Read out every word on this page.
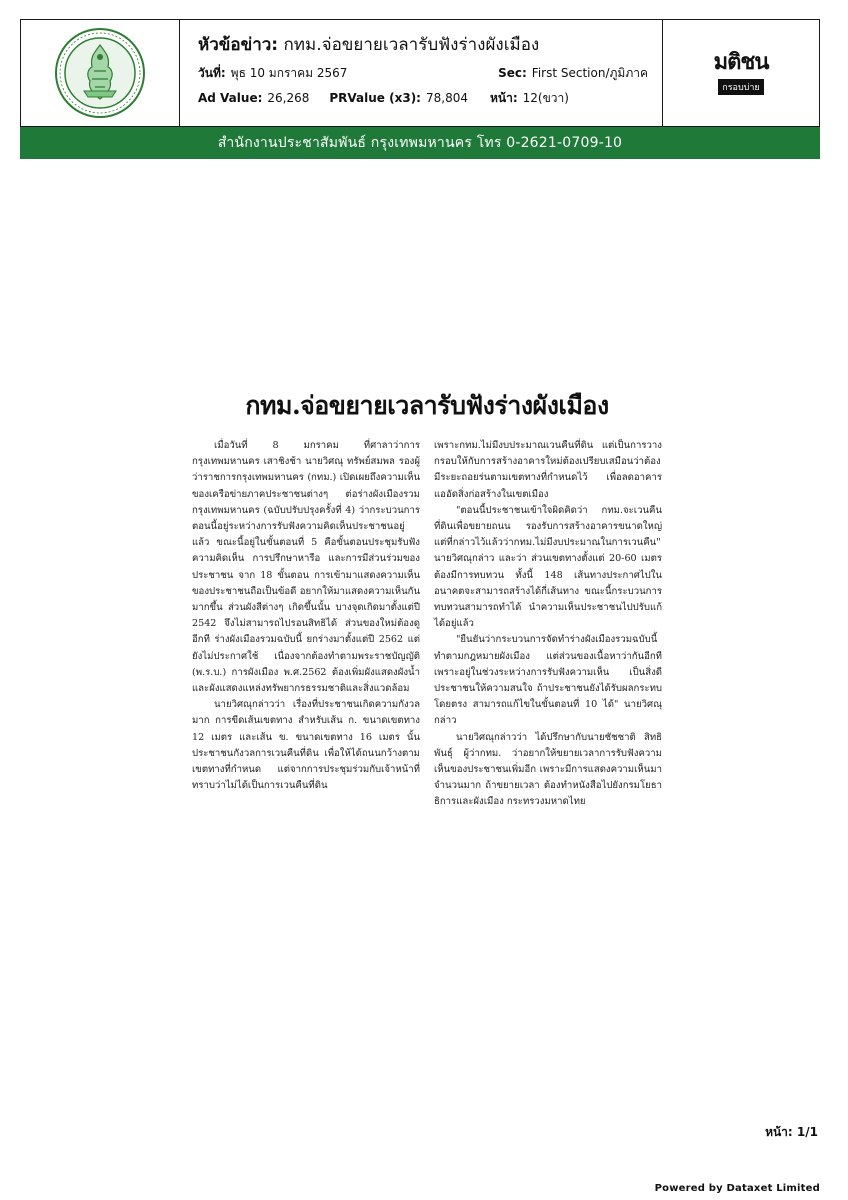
หัวข้อข่าว: กทม.จ่อขยายเวลารับฟังร่างผังเมือง
วันที่: พุธ 10 มกราคม 2567	Sec: First Section/ภูมิภาค
Ad Value: 26,268 PRValue (x3): 78,804 หน้า: 12(ขวา)
มติชน
กรอบบ่าย
สำนักงานประชาสัมพันธ์ กรุงเทพมหานคร โทร 0-2621-0709-10
กทม.จ่อขยายเวลารับฟังร่างผังเมือง

เมื่อวันที่ 8 มกราคม ที่ศาลาว่าการกรุงเทพมหานคร เสาชิงช้า นายวิศณุ ทรัพย์สมพล รองผู้ว่าราชการกรุงเทพมหานคร (กทม.) เปิดเผยถึงความเห็นของเครือข่ายภาคประชาชนต่างๆ ต่อร่างผังเมืองรวมกรุงเทพมหานคร (ฉบับปรับปรุงครั้งที่ 4) ว่ากระบวนการตอนนี้อยู่ระหว่างการรับฟังความคิดเห็นประชาชนอยู่แล้ว ขณะนี้อยู่ในขั้นตอนที่ 5 คือขั้นตอนประชุมรับฟังความคิดเห็น การปรึกษาหารือ และการมีส่วนร่วมของประชาชน จาก 18 ขั้นตอน การเข้ามาแสดงความเห็นของประชาชนถือเป็นข้อดี อยากให้มาแสดงความเห็นกันมากขึ้น ส่วนผังสีต่างๆ เกิดขึ้นนั้น บางจุดเกิดมาตั้งแต่ปี 2542 จึงไม่สามารถไปรอนสิทธิได้ ส่วนของใหม่ต้องดูอีกที ร่างผังเมืองรวมฉบับนี้ ยกร่างมาตั้งแต่ปี 2562 แต่ยังไม่ประกาศใช้ เนื่องจากต้องทำตามพระราชบัญญัติ (พ.ร.บ.) การผังเมือง พ.ศ.2562 ต้องเพิ่มผังแสดงผังน้ำ และผังแสดงแหล่งทรัพยากรธรรมชาติและสิ่งแวดล้อม

นายวิศณุกล่าวว่า เรื่องที่ประชาชนเกิดความกังวลมาก การขีดเส้นเขตทาง สำหรับเส้น ก. ขนาดเขตทาง 12 เมตร และเส้น ข. ขนาดเขตทาง 16 เมตร นั้น ประชาชนกังวลการเวนคืนที่ดิน เพื่อให้ได้ถนนกว้างตามเขตทางที่กำหนด แต่จากการประชุมร่วมกับเจ้าหน้าที่ ทราบว่าไม่ได้เป็นการเวนคืนที่ดิน

เพราะกทม.ไม่มีงบประมาณเวนคืนที่ดิน แต่เป็นการวางกรอบให้กับการสร้างอาคารใหม่ต้องเปรียบเสมือนว่าต้องมีระยะถอยร่นตามเขตทางที่กำหนดไว้ เพื่อลดอาคารแออัดสิ่งก่อสร้างในเขตเมือง

"ตอนนี้ประชาชนเข้าใจผิดคิดว่า กทม.จะเวนคืนที่ดินเพื่อขยายถนน รองรับการสร้างอาคารขนาดใหญ่ แต่ที่กล่าวไว้แล้วว่ากทม.ไม่มีงบประมาณในการเวนคืน" นายวิศณุกล่าว และว่า ส่วนเขตทางตั้งแต่ 20-60 เมตร ต้องมีการทบทวน ทั้งนี้ 148 เส้นทางประกาศไปในอนาคตจะสามารถสร้างได้กี่เส้นทาง ขณะนี้กระบวนการทบทวนสามารถทำได้ นำความเห็นประชาชนไปปรับแก้ได้อยู่แล้ว

"ยืนยันว่ากระบวนการจัดทำร่างผังเมืองรวมฉบับนี้ ทำตามกฎหมายผังเมือง แต่ส่วนของเนื้อหาว่ากันอีกที เพราะอยู่ในช่วงระหว่างการรับฟังความเห็น เป็นสิ่งดีประชาชนให้ความสนใจ ถ้าประชาชนยังได้รับผลกระทบโดยตรง สามารถแก้ไขในขั้นตอนที่ 10 ได้" นายวิศณุกล่าว

นายวิศณุกล่าวว่า ได้ปรึกษากับนายชัชชาติ สิทธิพันธุ์ ผู้ว่ากทม. ว่าอยากให้ขยายเวลาการรับฟังความเห็นของประชาชนเพิ่มอีก เพราะมีการแสดงความเห็นมาจำนวนมาก ถ้าขยายเวลา ต้องทำหนังสือไปยังกรมโยธาธิการและผังเมือง กระทรวงมหาดไทย

หน้า: 1/1
Powered by Dataxet Limited
